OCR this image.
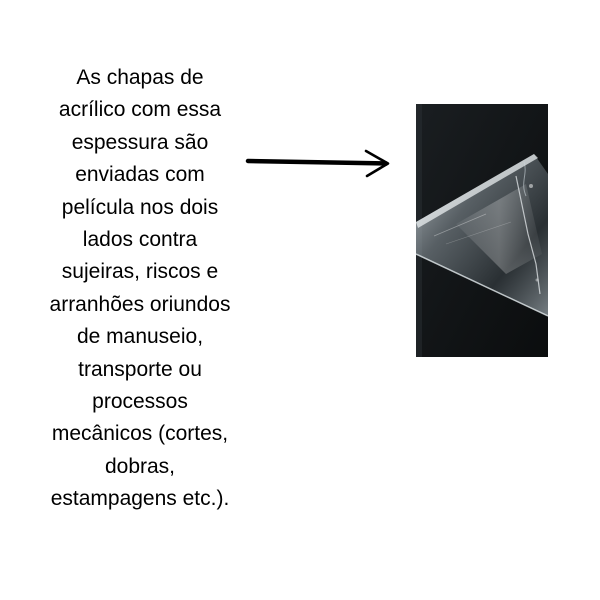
As chapas de
acrílico com essa
espessura são
enviadas com
película nos dois
lados contra
sujeiras, riscos e
arranhões oriundos
de manuseio,
transporte ou
processos
mecânicos (cortes,
dobras,
estampagens etc.).
